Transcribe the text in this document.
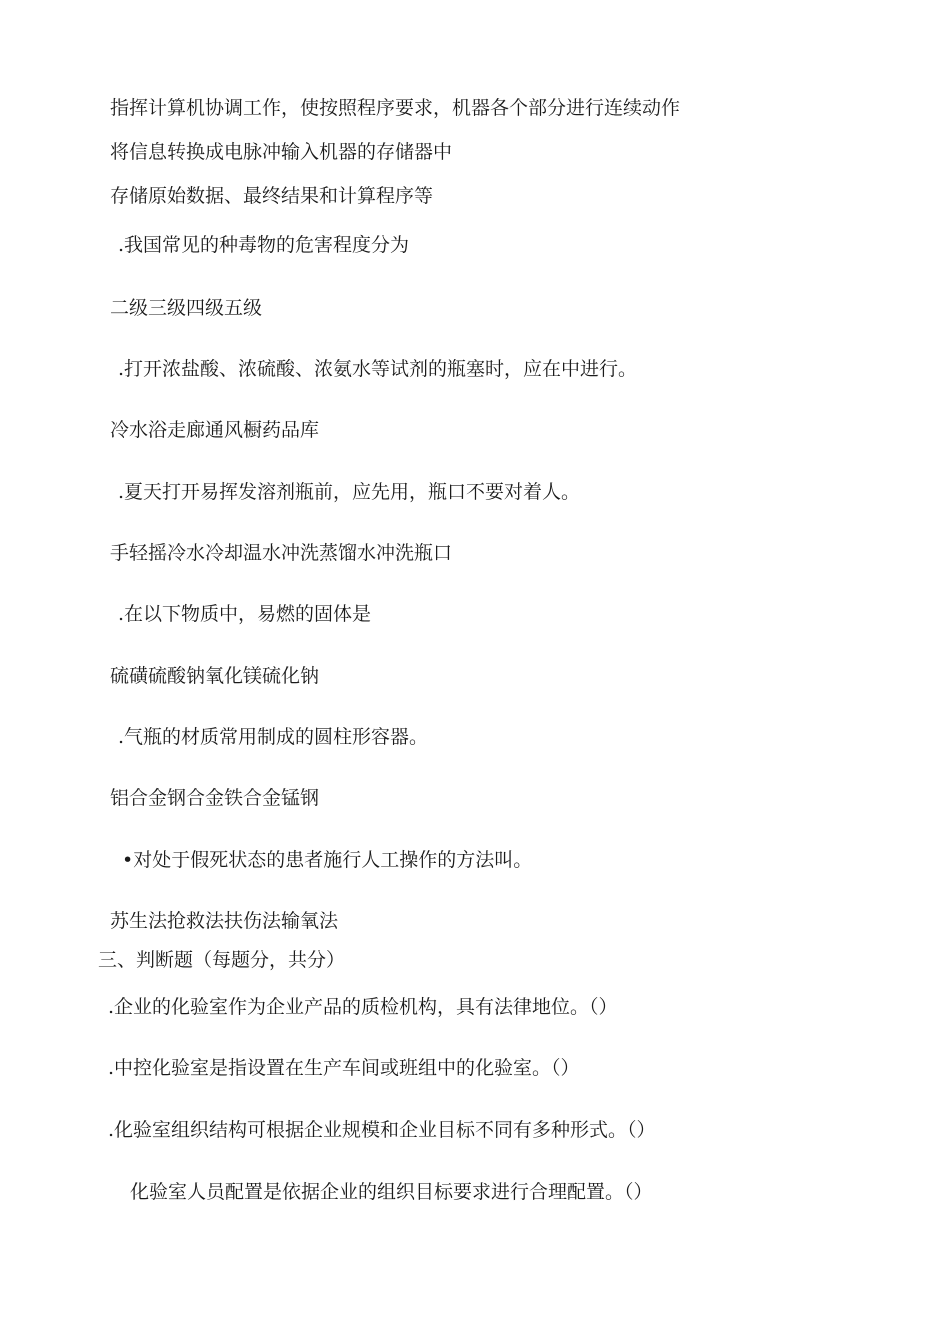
指挥计算机协调工作，使按照程序要求，机器各个部分进行连续动作
将信息转换成电脉冲输入机器的存储器中
存储原始数据、最终结果和计算程序等
.我国常见的种毒物的危害程度分为
二级三级四级五级
.打开浓盐酸、浓硫酸、浓氨水等试剂的瓶塞时，应在中进行。
冷水浴走廊通风橱药品库
.夏天打开易挥发溶剂瓶前，应先用，瓶口不要对着人。
手轻摇冷水冷却温水冲洗蒸馏水冲洗瓶口
.在以下物质中，易燃的固体是
硫磺硫酸钠氧化镁硫化钠
.气瓶的材质常用制成的圆柱形容器。
铝合金钢合金铁合金锰钢
•对处于假死状态的患者施行人工操作的方法叫。
苏生法抢救法扶伤法输氧法
三、判断题（每题分，共分）
.企业的化验室作为企业产品的质检机构，具有法律地位。（）
.中控化验室是指设置在生产车间或班组中的化验室。（）
.化验室组织结构可根据企业规模和企业目标不同有多种形式。（）
化验室人员配置是依据企业的组织目标要求进行合理配置。（）
